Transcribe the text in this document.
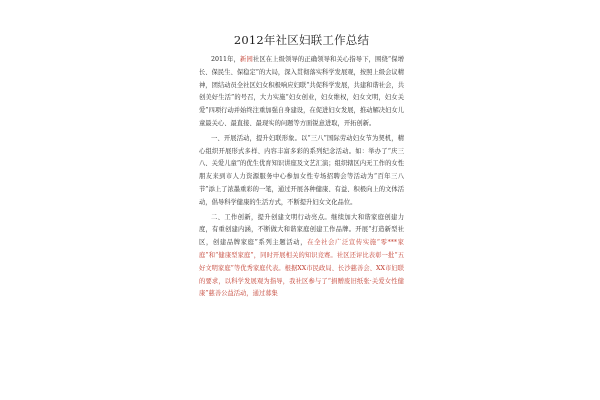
2012年社区妇联工作总结

2011年，新园社区在上级领导的正确领导和关心指导下，围绕“保增长、保民生、保稳定”的大局，深入贯彻落实科学发展观，按照上级会议精神，团结动员全社区妇女积极响应妇联“共促科学发展，共建和谐社会，共创美好生活”的号召，大力实施“妇女创业，妇女维权，妇女文明，妇女关爱”四项行动并始终注重加强自身建设，在促进妇女发展，推动解决妇女儿童最关心、最直接、最现实的问题等方面锐意进取，开拓创新。

一、开展活动，提升妇联形象。以“三八”国际劳动妇女节为契机，精心组织开展形式多样、内容丰富多彩的系列纪念活动。如：举办了“庆三八、关爱儿童”的优生优育知识讲座及文艺汇演；组织辖区内无工作的女性朋友来到市人力资源服务中心参加女性专场招聘会等活动为“百年三八节”添上了浓墨重彩的一笔，通过开展各种健康、有益、积极向上的文体活动，倡导科学健康的生活方式，不断提升妇女文化品位。

二、工作创新，提升创建文明行动亮点。继续加大和谐家庭创建力度，有重创建内涵，不断做大和谐家庭创建工作品牌。开展“打造新型社区，创建品牌家庭”系列主题活动，在全社会广泛宣传实施“零***家庭”和“健康型家庭”，同时开展相关的知识竞赛。社区还评比表彰一批“五好文明家庭”等优秀家庭代表。根据XX市民政局、长沙慈善会、XX市妇联的要求，以科学发展观为指导，我社区参与了“捐赠废旧纸张·关爱女性健康”慈善公益活动，通过募集
